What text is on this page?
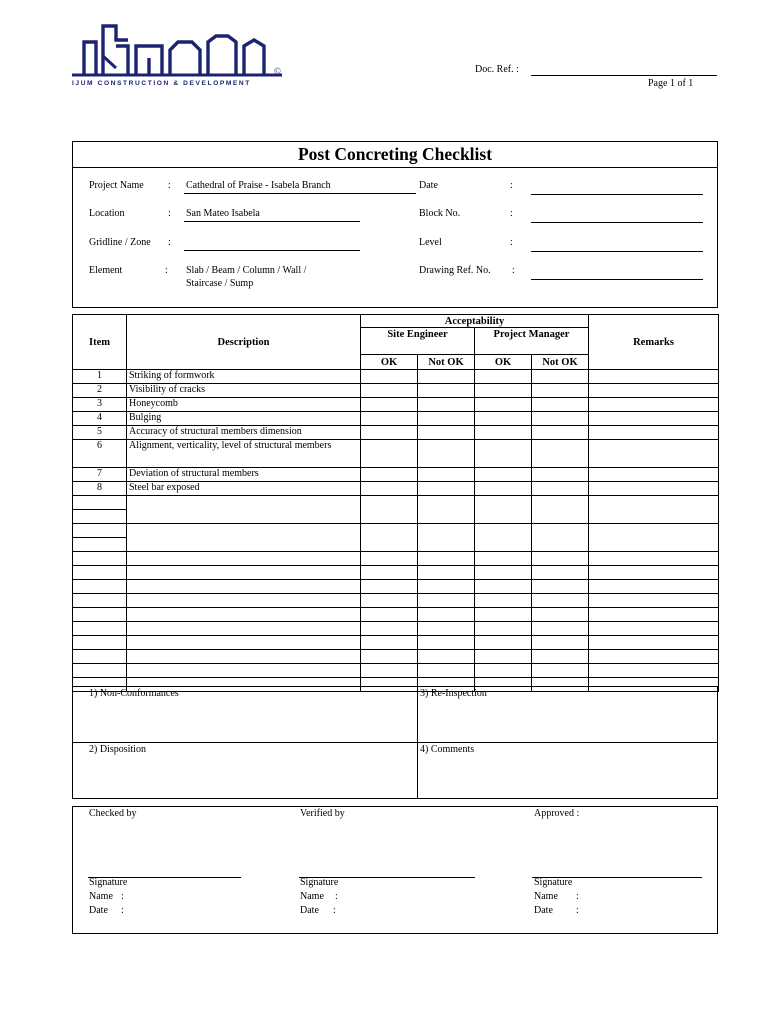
©
IJUM CONSTRUCTION & DEVELOPMENT
Doc. Ref. :
Page 1 of 1
Post Concreting Checklist
Project Name : Cathedral of Praise - Isabela Branch
Location	: San Mateo Isabela
Gridline / Zone :
Element	: Slab / Beam / Column / Wall /
Staircase / Sump
Date	:
Block No.	:
Level	:
Drawing Ref. No. :
Item	Description	Acceptability				Remarks
		Site Engineer		Project Manager		
		OK	Not OK	OK	Not OK	
1	Striking of formwork					
2	Visibility of cracks					
3	Honeycomb					
4	Bulging					
5	Accuracy of structural members dimension					
6	Alignment, verticality, level of structural members					
7	Deviation of structural members					
8	Steel bar exposed					

1) Non-Conformances	3) Re-Inspection
2) Disposition	4) Comments
Checked by	Verified by	Approved :
Signature
Name :
Date :
Signature
Name :
Date :
Signature
Name :
Date :
